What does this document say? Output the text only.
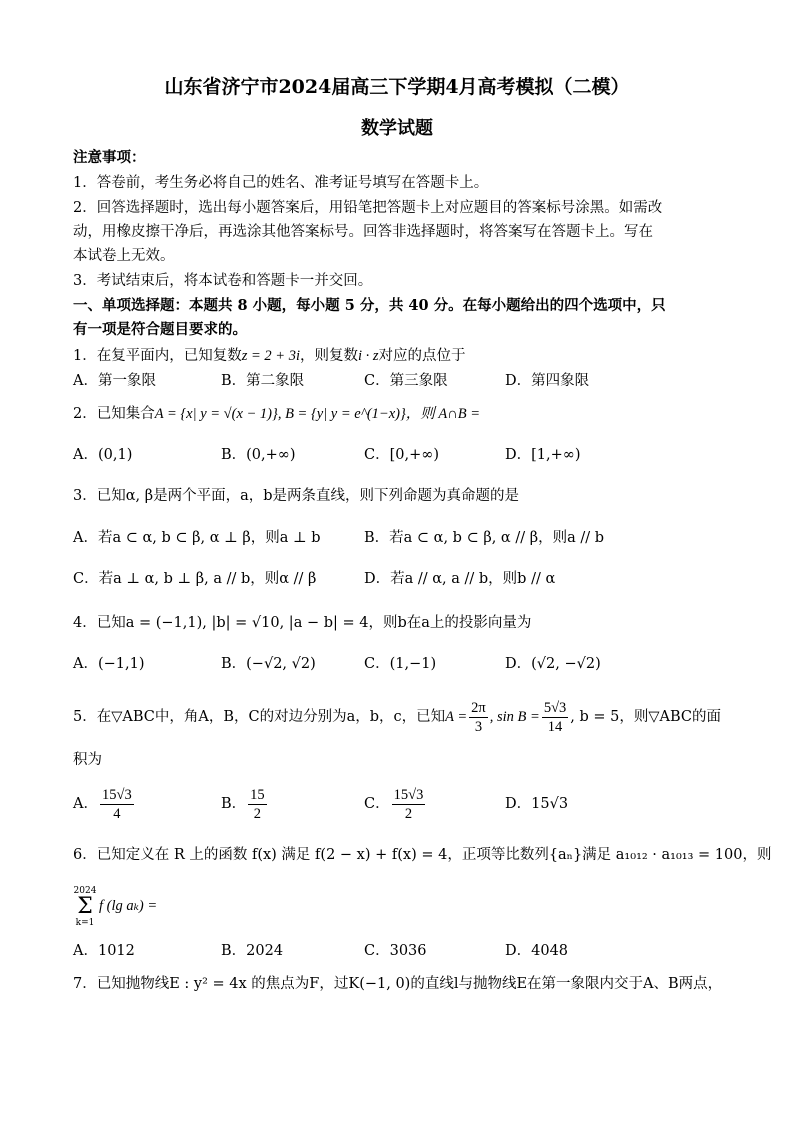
山东省济宁市2024届高三下学期4月高考模拟（二模）
数学试题
注意事项：
1．答卷前，考生务必将自己的姓名、准考证号填写在答题卡上。
2．回答选择题时，选出每小题答案后，用铅笔把答题卡上对应题目的答案标号涂黑。如需改
动，用橡皮擦干净后，再选涂其他答案标号。回答非选择题时，将答案写在答题卡上。写在
本试卷上无效。
3．考试结束后，将本试卷和答题卡一并交回。
一、单项选择题：本题共 8 小题，每小题 5 分，共 40 分。在每小题给出的四个选项中，只
有一项是符合题目要求的。
1．在复平面内，已知复数z = 2 + 3i，则复数i · z对应的点位于
A．第一象限	B．第二象限	C．第三象限	D．第四象限
2．已知集合A = {x| y = √(x − 1)}, B = {y| y = e^(1−x)}，则 A∩B =
A．(0,1)	B．(0,+∞)	C．[0,+∞)	D．[1,+∞)
3．已知α, β是两个平面，a，b是两条直线，则下列命题为真命题的是
A．若a ⊂ α, b ⊂ β, α ⊥ β，则a ⊥ b	B．若a ⊂ α, b ⊂ β, α // β，则a // b
C．若a ⊥ α, b ⊥ β, a // b，则α // β	D．若a // α, a // b，则b // α
4．已知a = (−1,1), |b| = √10, |a − b| = 4，则b在a上的投影向量为
A．(−1,1)	B．(−√2, √2)	C．(1,−1)	D．(√2, −√2)
5．在▽ABC中，角A，B，C的对边分别为a，b，c，已知$A = \frac{2\pi}{3}$ , $\sin B = \frac{5√3}{14}$ , b = 5，则▽ABC的面
积为
A． $\frac{15√3}{4}$	B． $\frac{15}{2}$	C． $\frac{15√3}{2}$	D．15√3
6．已知定义在 R 上的函数 f(x) 满足 f(2 − x) + f(x) = 4，正项等比数列{aₙ}满足 a₁₀₁₂ · a₁₀₁₃ = 100，则
2024
Σ
k=1
f (lg aₖ) =
A．1012	B．2024	C．3036	D．4048
7．已知抛物线E : y² = 4x 的焦点为F，过K(−1, 0)的直线l与抛物线E在第一象限内交于A、B两点，
